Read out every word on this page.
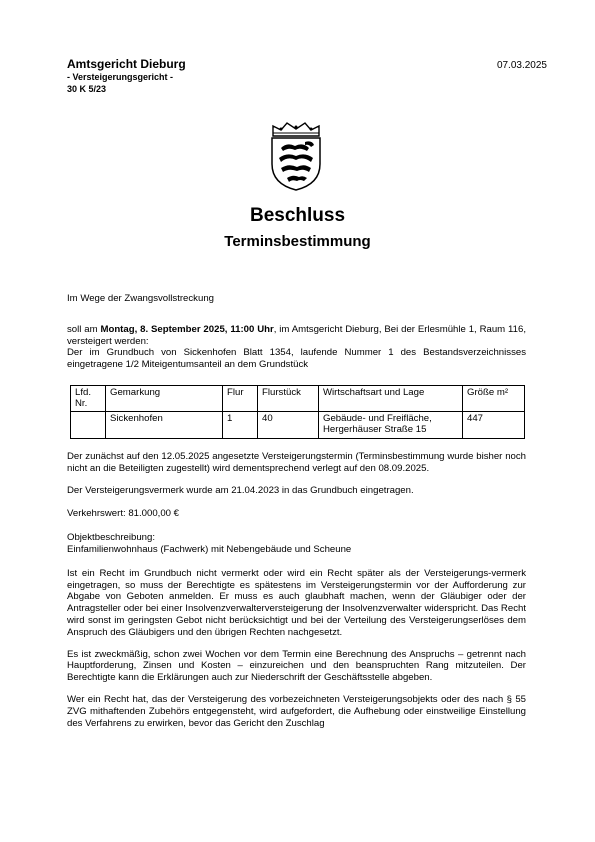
Amtsgericht Dieburg
- Versteigerungsgericht -
30 K 5/23
07.03.2025
Beschluss
Terminsbestimmung

Im Wege der Zwangsvollstreckung

soll am Montag, 8. September 2025, 11:00 Uhr, im Amtsgericht Dieburg, Bei der Erlesmühle 1, Raum 116, versteigert werden:

Der im Grundbuch von Sickenhofen Blatt 1354, laufende Nummer 1 des Bestandsverzeichnisses eingetragene 1/2 Miteigentumsanteil an dem Grundstück

Lfd. Nr.	Gemarkung	Flur	Flurstück	Wirtschaftsart und Lage	Größe m²
	Sickenhofen	1	40	Gebäude- und Freifläche, Hergerhäuser Straße 15	447

Der zunächst auf den 12.05.2025 angesetzte Versteigerungstermin (Terminsbestimmung wurde bisher noch nicht an die Beteiligten zugestellt) wird dementsprechend verlegt auf den 08.09.2025.

Der Versteigerungsvermerk wurde am 21.04.2023 in das Grundbuch eingetragen.

Verkehrswert: 81.000,00 €

Objektbeschreibung:

Einfamilienwohnhaus (Fachwerk) mit Nebengebäude und Scheune

Ist ein Recht im Grundbuch nicht vermerkt oder wird ein Recht später als der Versteigerungs-vermerk eingetragen, so muss der Berechtigte es spätestens im Versteigerungstermin vor der Aufforderung zur Abgabe von Geboten anmelden. Er muss es auch glaubhaft machen, wenn der Gläubiger oder der Antragsteller oder bei einer Insolvenzverwalterversteigerung der Insolvenzverwalter widerspricht. Das Recht wird sonst im geringsten Gebot nicht berücksichtigt und bei der Verteilung des Versteigerungserlöses dem Anspruch des Gläubigers und den übrigen Rechten nachgesetzt.

Es ist zweckmäßig, schon zwei Wochen vor dem Termin eine Berechnung des Anspruchs – getrennt nach Hauptforderung, Zinsen und Kosten – einzureichen und den beanspruchten Rang mitzuteilen. Der Berechtigte kann die Erklärungen auch zur Niederschrift der Geschäftsstelle abgeben.

Wer ein Recht hat, das der Versteigerung des vorbezeichneten Versteigerungsobjekts oder des nach § 55 ZVG mithaftenden Zubehörs entgegensteht, wird aufgefordert, die Aufhebung oder einstweilige Einstellung des Verfahrens zu erwirken, bevor das Gericht den Zuschlag
